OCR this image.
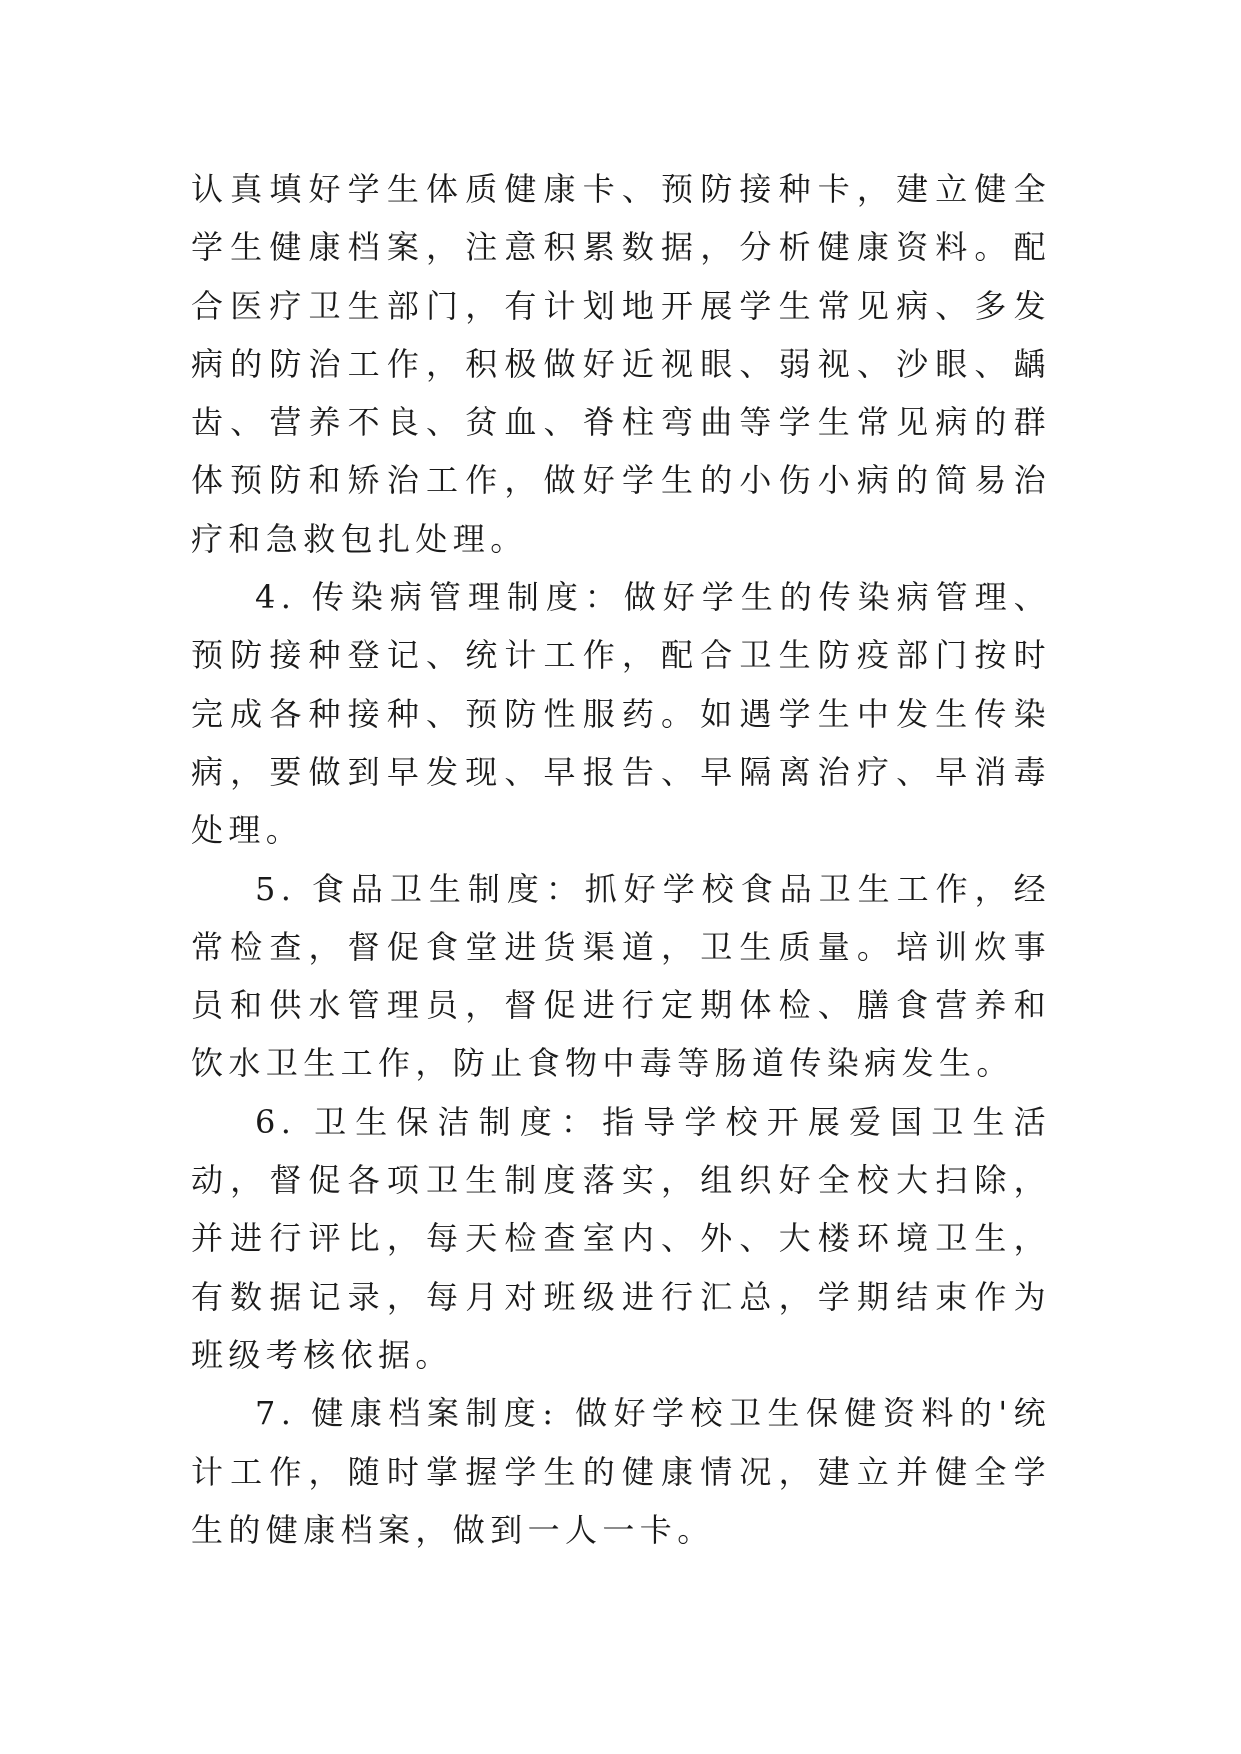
认真填好学生体质健康卡、预防接种卡，建立健全学生健康档案，注意积累数据，分析健康资料。配合医疗卫生部门，有计划地开展学生常见病、多发病的防治工作，积极做好近视眼、弱视、沙眼、龋齿、营养不良、贫血、脊柱弯曲等学生常见病的群体预防和矫治工作，做好学生的小伤小病的简易治疗和急救包扎处理。

4. 传染病管理制度：做好学生的传染病管理、预防接种登记、统计工作，配合卫生防疫部门按时完成各种接种、预防性服药。如遇学生中发生传染病，要做到早发现、早报告、早隔离治疗、早消毒处理。

5. 食品卫生制度：抓好学校食品卫生工作，经常检查，督促食堂进货渠道，卫生质量。培训炊事员和供水管理员，督促进行定期体检、膳食营养和饮水卫生工作，防止食物中毒等肠道传染病发生。

6. 卫生保洁制度：指导学校开展爱国卫生活动，督促各项卫生制度落实，组织好全校大扫除，并进行评比，每天检查室内、外、大楼环境卫生，有数据记录，每月对班级进行汇总，学期结束作为班级考核依据。

7. 健康档案制度: 做好学校卫生保健资料的'统计工作，随时掌握学生的健康情况，建立并健全学生的健康档案，做到一人一卡。
